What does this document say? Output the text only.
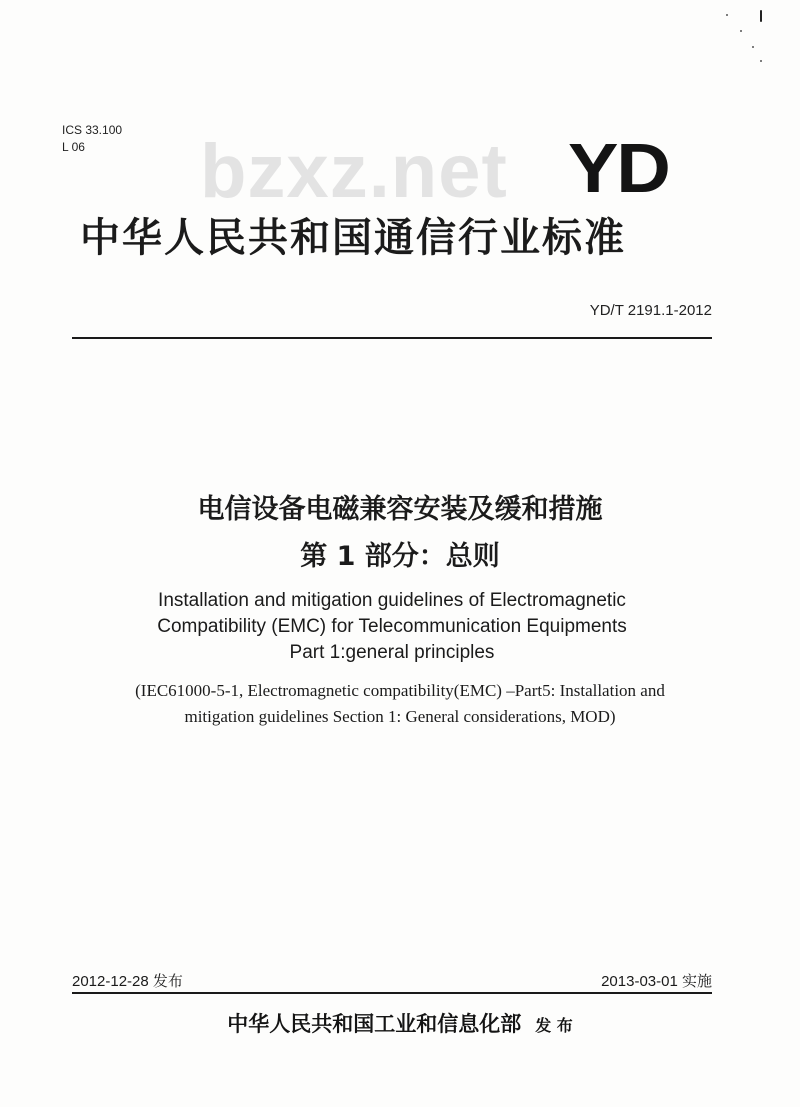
ICS 33.100
L 06	bzxz.net YD
中华人民共和国通信行业标准
YD/T 2191.1-2012
电信设备电磁兼容安装及缓和措施
第 1 部分：总则
Installation and mitigation guidelines of Electromagnetic
Compatibility (EMC) for Telecommunication Equipments
Part 1:general principles
(IEC61000-5-1, Electromagnetic compatibility(EMC) –Part5: Installation and
mitigation guidelines Section 1: General considerations, MOD)
2012-12-28 发布	2013-03-01 实施
中华人民共和国工业和信息化部 发 布
